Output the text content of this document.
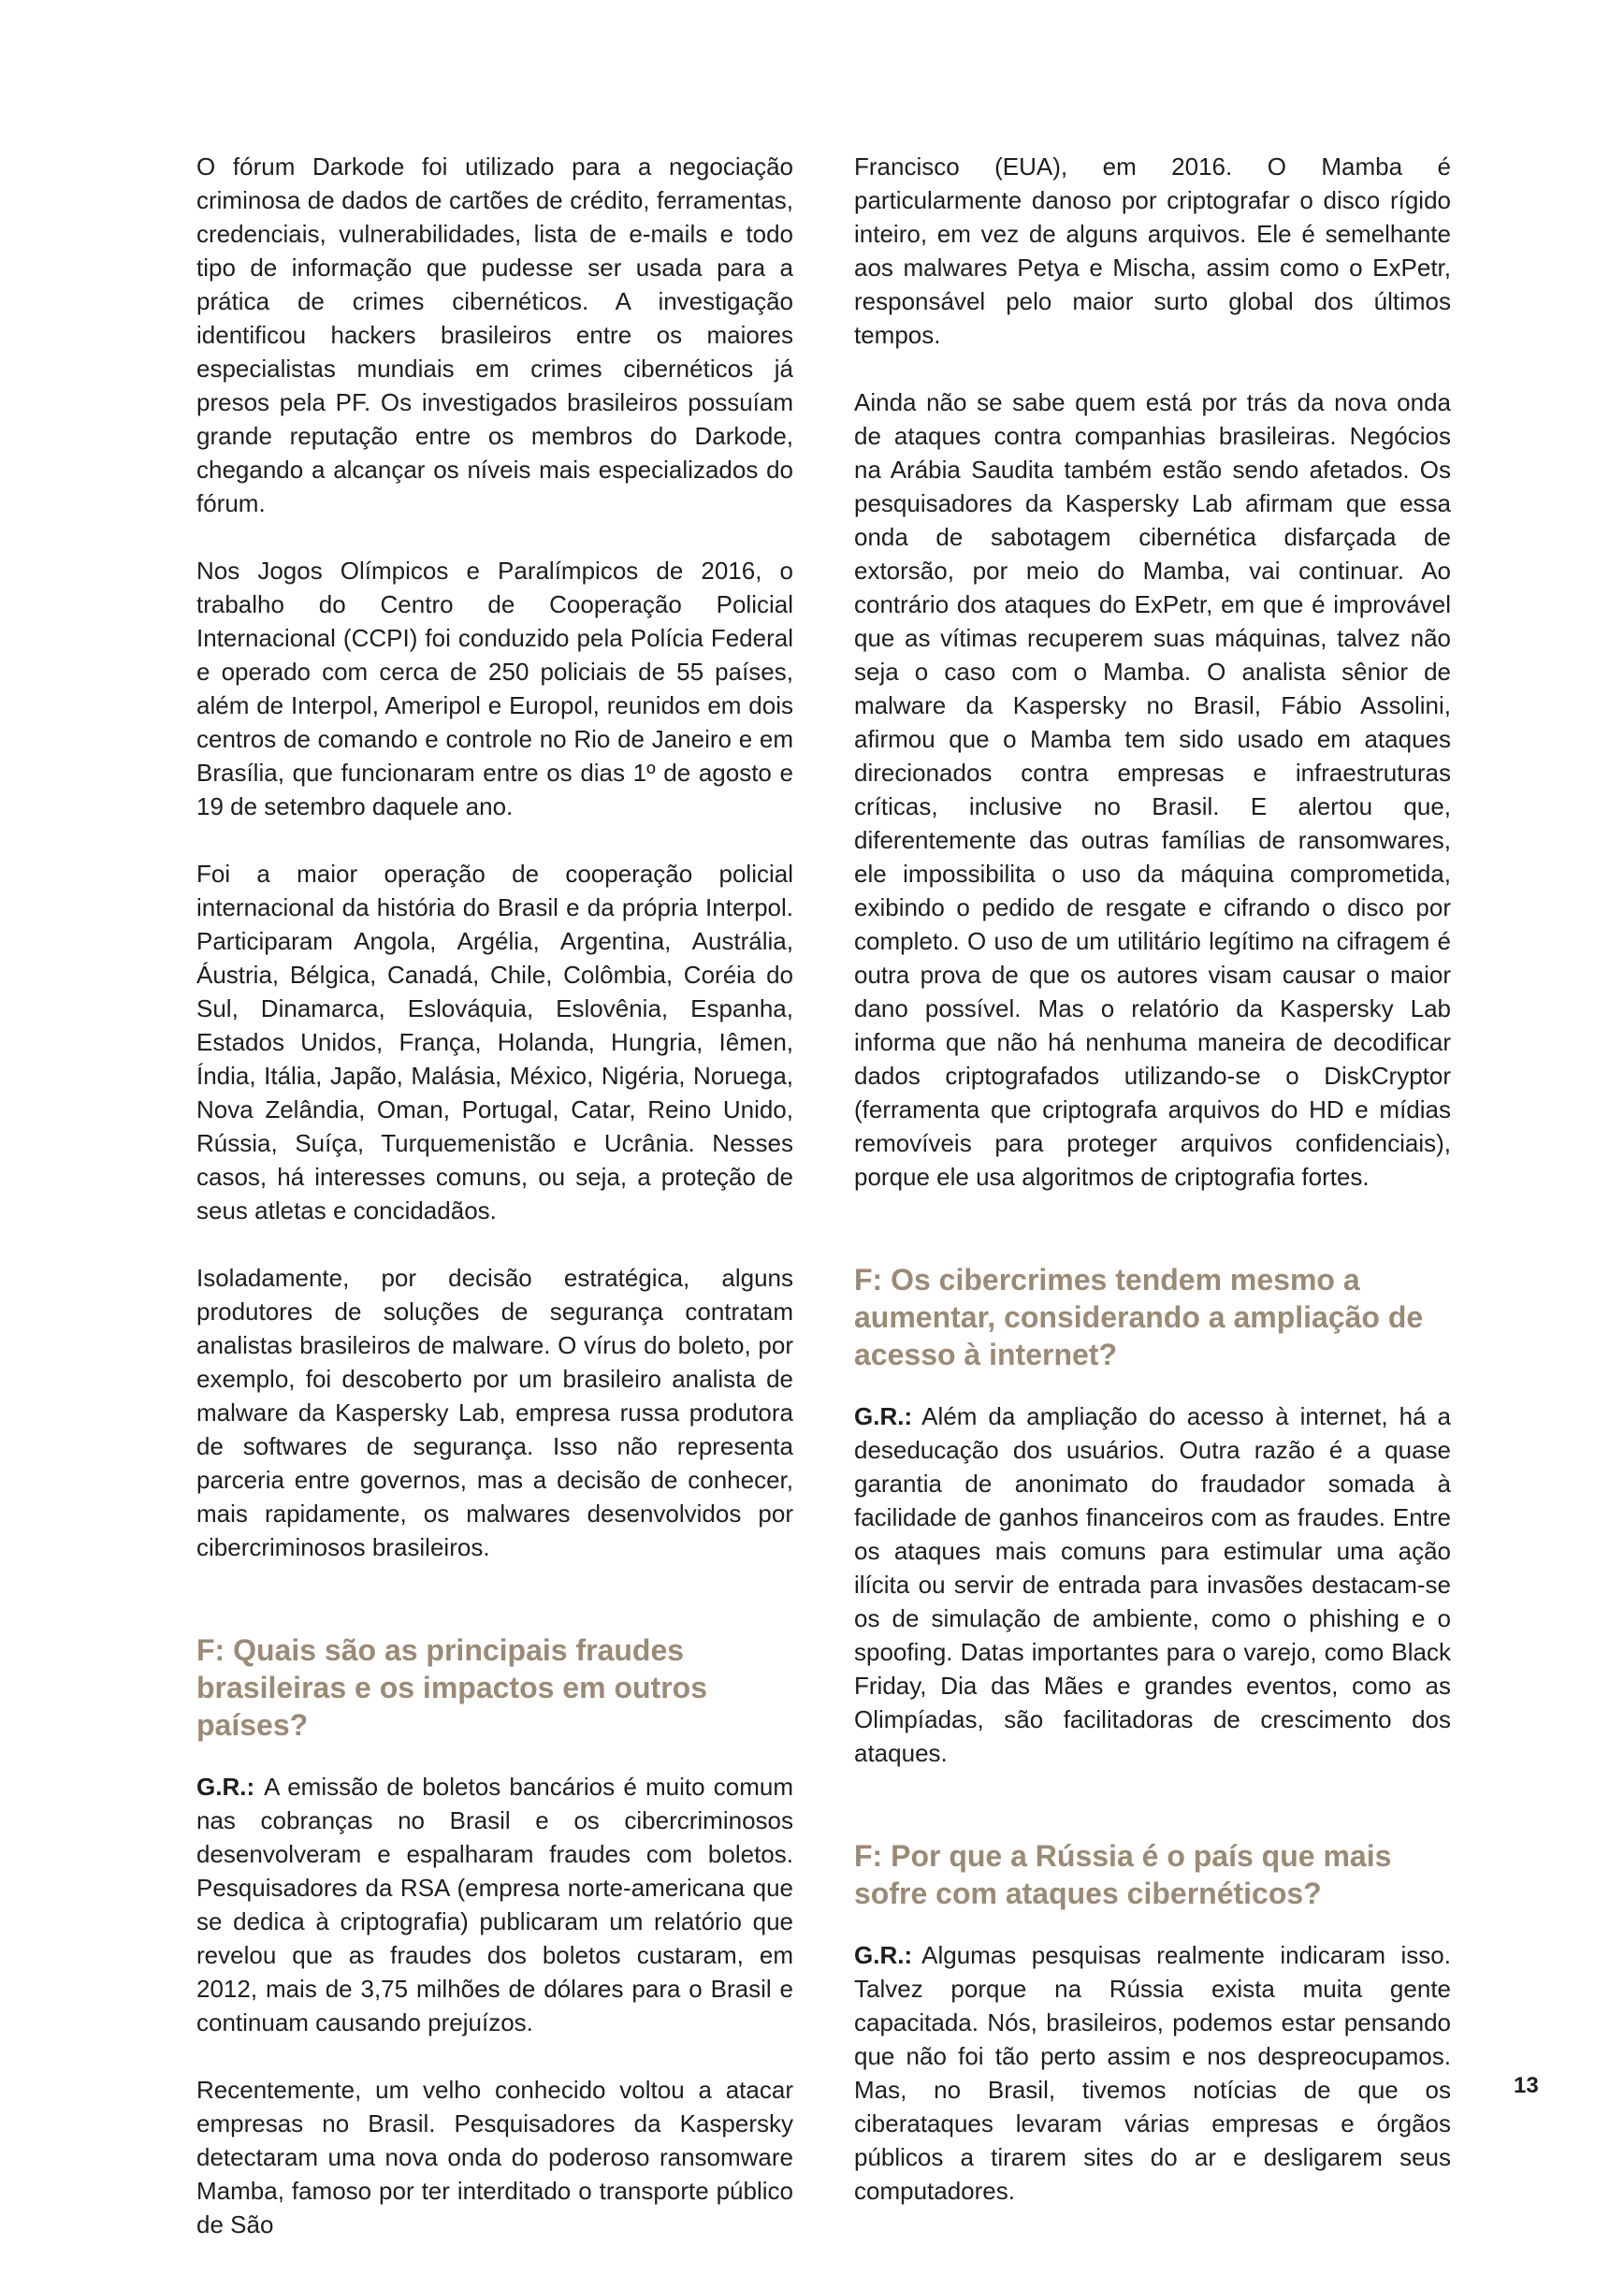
O fórum Darkode foi utilizado para a negociação criminosa de dados de cartões de crédito, ferramentas, credenciais, vulnerabilidades, lista de e-mails e todo tipo de informação que pudesse ser usada para a prática de crimes cibernéticos. A investigação identificou hackers brasileiros entre os maiores especialistas mundiais em crimes cibernéticos já presos pela PF. Os investigados brasileiros possuíam grande reputação entre os membros do Darkode, chegando a alcançar os níveis mais especializados do fórum.

Nos Jogos Olímpicos e Paralímpicos de 2016, o trabalho do Centro de Cooperação Policial Internacional (CCPI) foi conduzido pela Polícia Federal e operado com cerca de 250 policiais de 55 países, além de Interpol, Ameripol e Europol, reunidos em dois centros de comando e controle no Rio de Janeiro e em Brasília, que funcionaram entre os dias 1º de agosto e 19 de setembro daquele ano.

Foi a maior operação de cooperação policial internacional da história do Brasil e da própria Interpol. Participaram Angola, Argélia, Argentina, Austrália, Áustria, Bélgica, Canadá, Chile, Colômbia, Coréia do Sul, Dinamarca, Eslováquia, Eslovênia, Espanha, Estados Unidos, França, Holanda, Hungria, Iêmen, Índia, Itália, Japão, Malásia, México, Nigéria, Noruega, Nova Zelândia, Oman, Portugal, Catar, Reino Unido, Rússia, Suíça, Turquemenistão e Ucrânia. Nesses casos, há interesses comuns, ou seja, a proteção de seus atletas e concidadãos.

Isoladamente, por decisão estratégica, alguns produtores de soluções de segurança contratam analistas brasileiros de malware. O vírus do boleto, por exemplo, foi descoberto por um brasileiro analista de malware da Kaspersky Lab, empresa russa produtora de softwares de segurança. Isso não representa parceria entre governos, mas a decisão de conhecer, mais rapidamente, os malwares desenvolvidos por cibercriminosos brasileiros.

F: Quais são as principais fraudes brasileiras e os impactos em outros países?

G.R.: A emissão de boletos bancários é muito comum nas cobranças no Brasil e os cibercriminosos desenvolveram e espalharam fraudes com boletos. Pesquisadores da RSA (empresa norte-americana que se dedica à criptografia) publicaram um relatório que revelou que as fraudes dos boletos custaram, em 2012, mais de 3,75 milhões de dólares para o Brasil e continuam causando prejuízos.

Recentemente, um velho conhecido voltou a atacar empresas no Brasil. Pesquisadores da Kaspersky detectaram uma nova onda do poderoso ransomware Mamba, famoso por ter interditado o transporte público de São

Francisco (EUA), em 2016. O Mamba é particularmente danoso por criptografar o disco rígido inteiro, em vez de alguns arquivos. Ele é semelhante aos malwares Petya e Mischa, assim como o ExPetr, responsável pelo maior surto global dos últimos tempos.

Ainda não se sabe quem está por trás da nova onda de ataques contra companhias brasileiras. Negócios na Arábia Saudita também estão sendo afetados. Os pesquisadores da Kaspersky Lab afirmam que essa onda de sabotagem cibernética disfarçada de extorsão, por meio do Mamba, vai continuar. Ao contrário dos ataques do ExPetr, em que é improvável que as vítimas recuperem suas máquinas, talvez não seja o caso com o Mamba. O analista sênior de malware da Kaspersky no Brasil, Fábio Assolini, afirmou que o Mamba tem sido usado em ataques direcionados contra empresas e infraestruturas críticas, inclusive no Brasil. E alertou que, diferentemente das outras famílias de ransomwares, ele impossibilita o uso da máquina comprometida, exibindo o pedido de resgate e cifrando o disco por completo. O uso de um utilitário legítimo na cifragem é outra prova de que os autores visam causar o maior dano possível. Mas o relatório da Kaspersky Lab informa que não há nenhuma maneira de decodificar dados criptografados utilizando-se o DiskCryptor (ferramenta que criptografa arquivos do HD e mídias removíveis para proteger arquivos confidenciais), porque ele usa algoritmos de criptografia fortes.

F: Os cibercrimes tendem mesmo a aumentar, considerando a ampliação de acesso à internet?

G.R.: Além da ampliação do acesso à internet, há a deseducação dos usuários. Outra razão é a quase garantia de anonimato do fraudador somada à facilidade de ganhos financeiros com as fraudes. Entre os ataques mais comuns para estimular uma ação ilícita ou servir de entrada para invasões destacam-se os de simulação de ambiente, como o phishing e o spoofing. Datas importantes para o varejo, como Black Friday, Dia das Mães e grandes eventos, como as Olimpíadas, são facilitadoras de crescimento dos ataques.

F: Por que a Rússia é o país que mais sofre com ataques cibernéticos?

G.R.: Algumas pesquisas realmente indicaram isso. Talvez porque na Rússia exista muita gente capacitada. Nós, brasileiros, podemos estar pensando que não foi tão perto assim e nos despreocupamos. Mas, no Brasil, tivemos notícias de que os ciberataques levaram várias empresas e órgãos públicos a tirarem sites do ar e desligarem seus computadores.

13
